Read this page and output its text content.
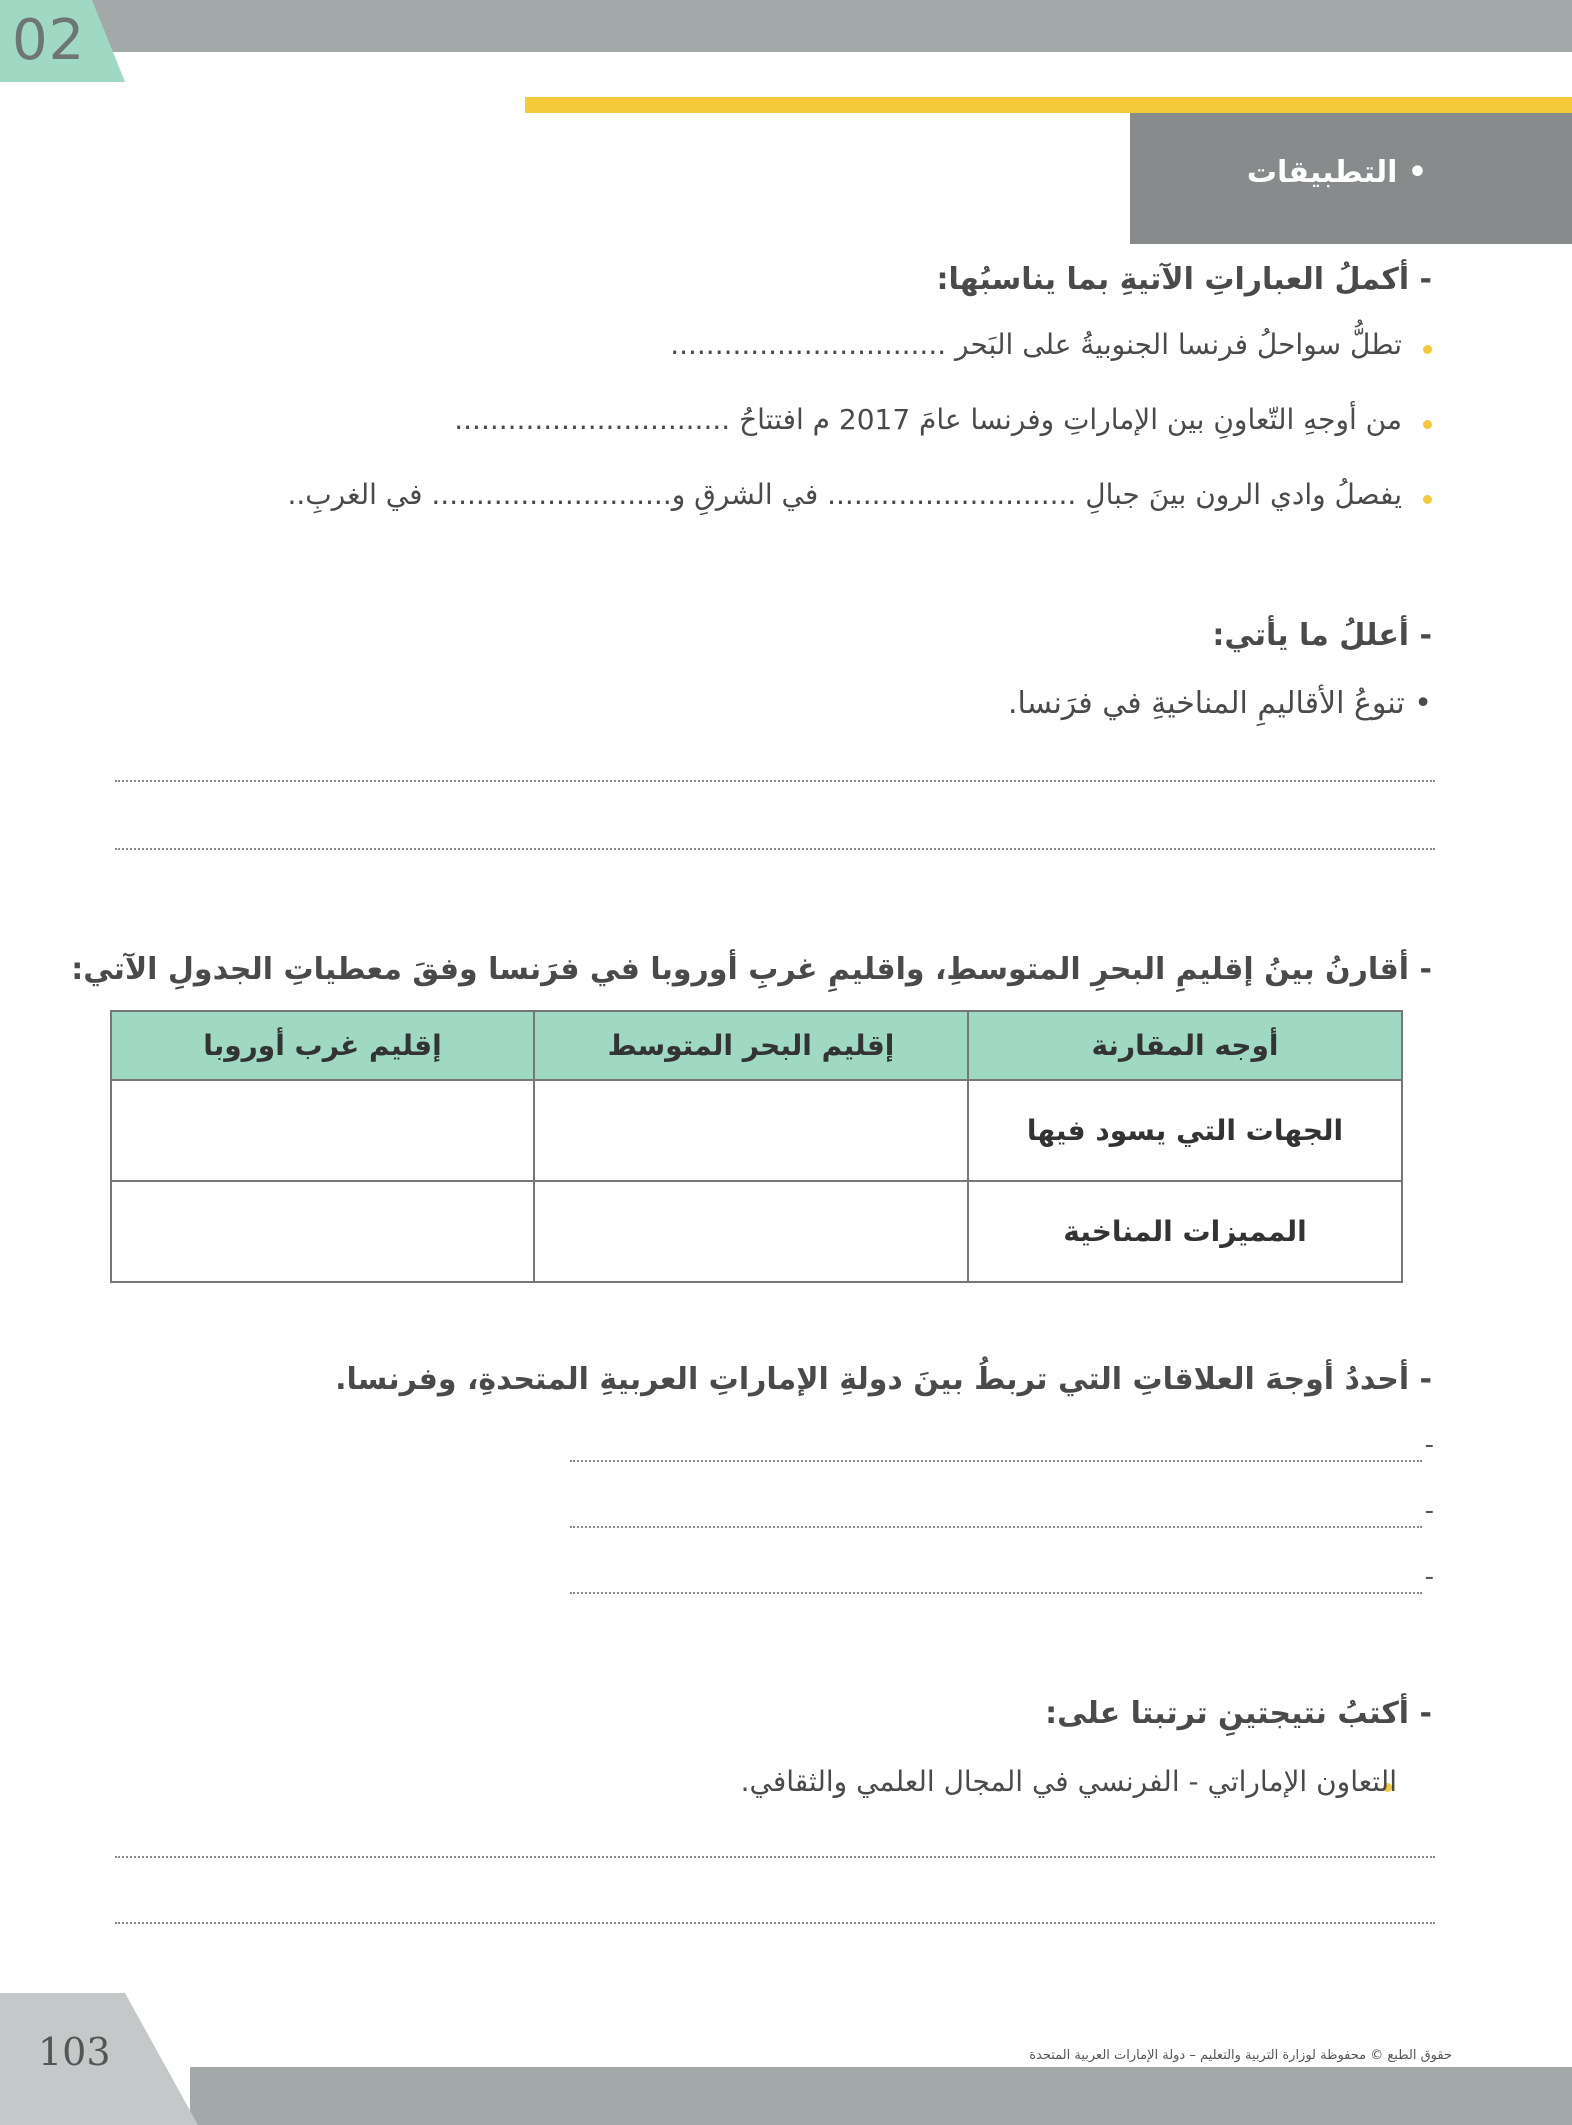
02
• التطبيقات
- أكملُ العباراتِ الآتيةِ بما يناسبُها:
تطلُّ سواحلُ فرنسا الجنوبيةُ على البَحر ...............................
من أوجهِ التّعاونِ بين الإماراتِ وفرنسا عامَ 2017 م افتتاحُ ...............................
يفصلُ وادي الرون بينَ جبالِ ............................ في الشرقِ و........................... في الغربِ..
- أعللُ ما يأتي:
• تنوعُ الأقاليمِ المناخيةِ في فرَنسا.
- أقارنُ بينُ إقليمِ البحرِ المتوسطِ، واقليمِ غربِ أوروبا في فرَنسا وفقَ معطياتِ الجدولِ الآتي:
أوجه المقارنة	إقليم البحر المتوسط	إقليم غرب أوروبا
الجهات التي يسود فيها		
المميزات المناخية		
- أحددُ أوجهَ العلاقاتِ التي تربطُ بينَ دولةِ الإماراتِ العربيةِ المتحدةِ، وفرنسا.
-
-
-
- أكتبُ نتيجتينِ ترتبتا على:
التعاون الإماراتي - الفرنسي في المجال العلمي والثقافي.
103	حقوق الطبع © محفوظة لوزارة التربية والتعليم – دولة الإمارات العربية المتحدة
